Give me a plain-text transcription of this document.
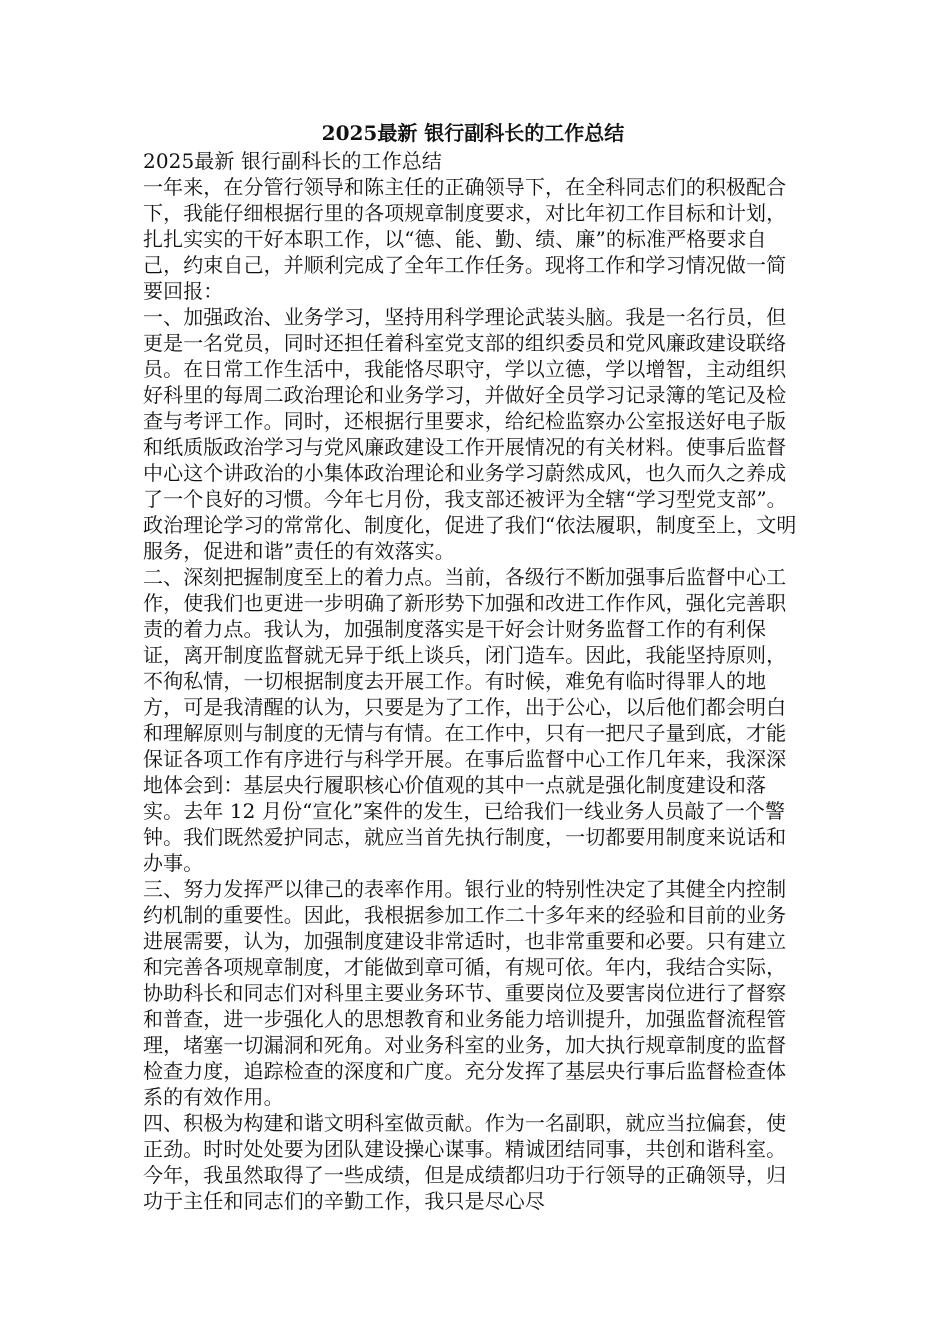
2025最新 银行副科长的工作总结

2025最新 银行副科长的工作总结

一年来，在分管行领导和陈主任的正确领导下，在全科同志们的积极配合下，我能仔细根据行里的各项规章制度要求，对比年初工作目标和计划，扎扎实实的干好本职工作，以“德、能、勤、绩、廉”的标准严格要求自己，约束自己，并顺利完成了全年工作任务。现将工作和学习情况做一简要回报：

一、加强政治、业务学习，坚持用科学理论武装头脑。我是一名行员，但更是一名党员，同时还担任着科室党支部的组织委员和党风廉政建设联络员。在日常工作生活中，我能恪尽职守，学以立德，学以增智，主动组织好科里的每周二政治理论和业务学习，并做好全员学习记录簿的笔记及检查与考评工作。同时，还根据行里要求，给纪检监察办公室报送好电子版和纸质版政治学习与党风廉政建设工作开展情况的有关材料。使事后监督中心这个讲政治的小集体政治理论和业务学习蔚然成风，也久而久之养成了一个良好的习惯。今年七月份，我支部还被评为全辖“学习型党支部”。政治理论学习的常常化、制度化，促进了我们“依法履职，制度至上，文明服务，促进和谐”责任的有效落实。

二、深刻把握制度至上的着力点。当前，各级行不断加强事后监督中心工作，使我们也更进一步明确了新形势下加强和改进工作作风，强化完善职责的着力点。我认为，加强制度落实是干好会计财务监督工作的有利保证，离开制度监督就无异于纸上谈兵，闭门造车。因此，我能坚持原则，不徇私情，一切根据制度去开展工作。有时候，难免有临时得罪人的地方，可是我清醒的认为，只要是为了工作，出于公心，以后他们都会明白和理解原则与制度的无情与有情。在工作中，只有一把尺子量到底，才能保证各项工作有序进行与科学开展。在事后监督中心工作几年来，我深深地体会到：基层央行履职核心价值观的其中一点就是强化制度建设和落实。去年 12 月份“宣化”案件的发生，已给我们一线业务人员敲了一个警钟。我们既然爱护同志，就应当首先执行制度，一切都要用制度来说话和办事。

三、努力发挥严以律己的表率作用。银行业的特别性决定了其健全内控制约机制的重要性。因此，我根据参加工作二十多年来的经验和目前的业务进展需要，认为，加强制度建设非常适时，也非常重要和必要。只有建立和完善各项规章制度，才能做到章可循，有规可依。年内，我结合实际，协助科长和同志们对科里主要业务环节、重要岗位及要害岗位进行了督察和普查，进一步强化人的思想教育和业务能力培训提升，加强监督流程管理，堵塞一切漏洞和死角。对业务科室的业务，加大执行规章制度的监督检查力度，追踪检查的深度和广度。充分发挥了基层央行事后监督检查体系的有效作用。

四、积极为构建和谐文明科室做贡献。作为一名副职，就应当拉偏套，使正劲。时时处处要为团队建设操心谋事。精诚团结同事，共创和谐科室。今年，我虽然取得了一些成绩，但是成绩都归功于行领导的正确领导，归功于主任和同志们的辛勤工作，我只是尽心尽
